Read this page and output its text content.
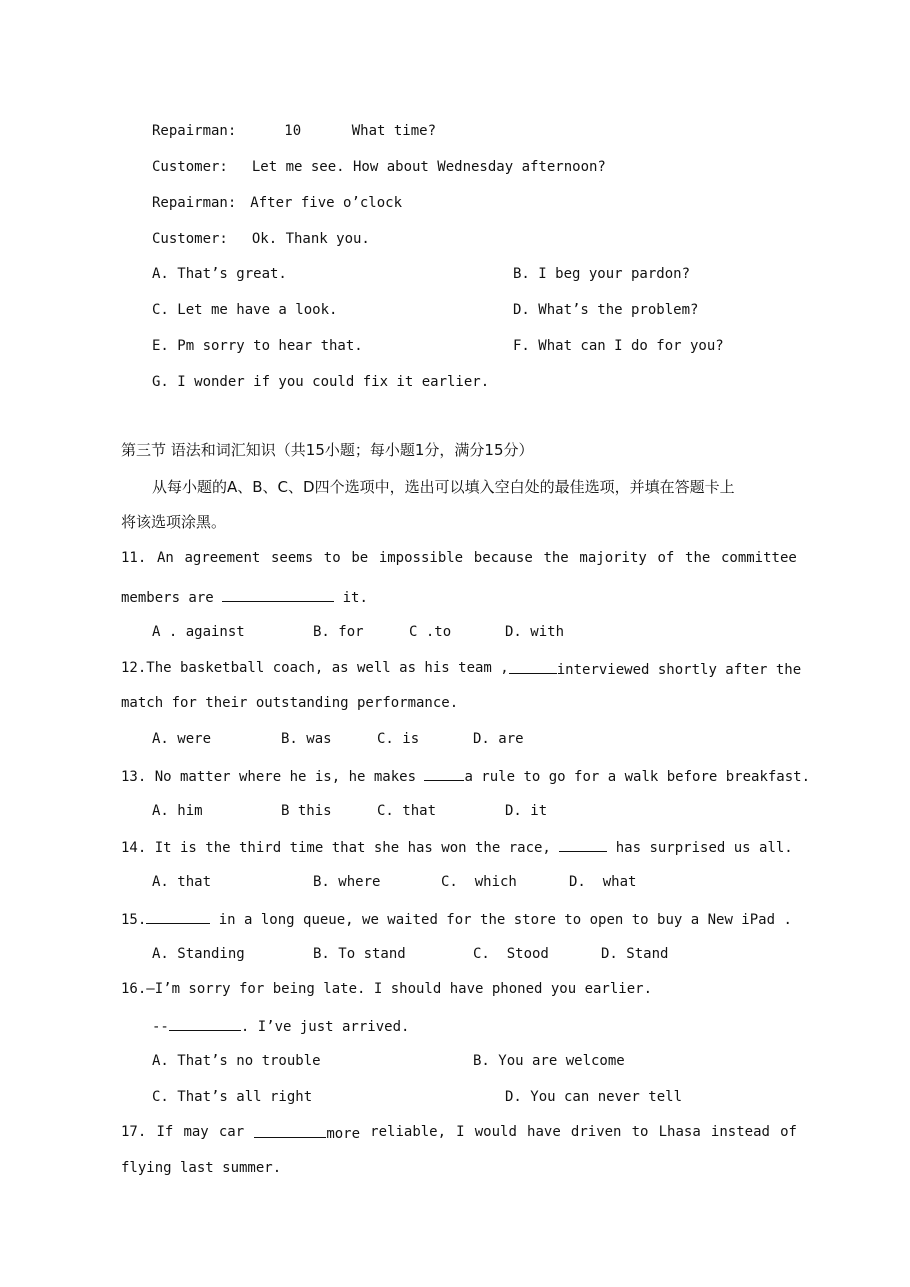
Repairman:	10      What time?
Customer: Let me see. How about Wednesday afternoon?
Repairman: After five o’clock
Customer: Ok. Thank you.
A. That’s great.	B. I beg your pardon?
C. Let me have a look.	D. What’s the problem?
E. Pm sorry to hear that.	F. What can I do for you?
G. I wonder if you could fix it earlier.
第三节 语法和词汇知识（共15小题；每小题1分，满分15分）
从每小题的A、B、C、D四个选项中，选出可以填入空白处的最佳选项，并填在答题卡上
将该选项涂黑。
11. An agreement seems to be impossible because the majority of the committee
members are	it.
A . against	B. for	C .to	D. with
12.The basketball coach, as well as his team ,	interviewed shortly after the
match for their outstanding performance.
A. were	B. was	C. is	D. are
13. No matter where he is, he makes	a rule to go for a walk before breakfast.
A. him	B this	C. that	D. it
14. It is the third time that she has won the race,	has surprised us all.
A. that	B. where	C.  which	D.  what
15.	in a long queue, we waited for the store to open to buy a New iPad .
A. Standing	B. To stand	C.  Stood	D. Stand
16.—I’m sorry for being late. I should have phoned you earlier.
--	. I’ve just arrived.
A. That’s no trouble	B. You are welcome
C. That’s all right	D. You can never tell
17. If may car	more reliable, I would have driven to Lhasa instead of
flying last summer.
